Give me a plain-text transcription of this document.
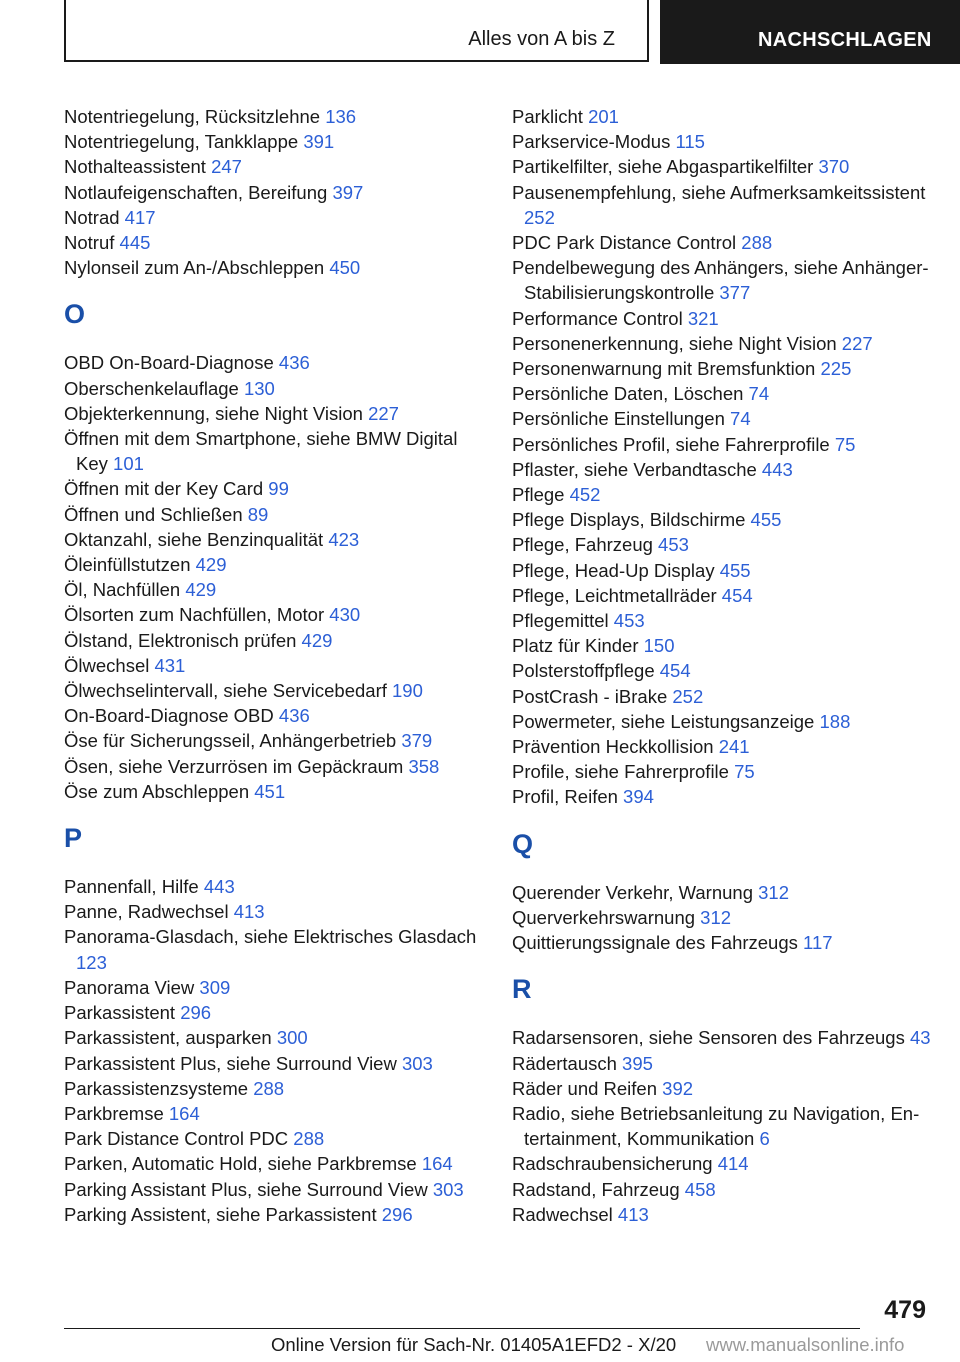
Alles von A bis Z	NACHSCHLAGEN
Notentriegelung, Rücksitzlehne 136
Notentriegelung, Tankklappe 391
Nothalteassistent 247
Notlaufeigenschaften, Bereifung 397
Notrad 417
Notruf 445
Nylonseil zum An-/Abschleppen 450
O
OBD On-Board-Diagnose 436
Oberschenkelauflage 130
Objekterkennung, siehe Night Vision 227
Öffnen mit dem Smartphone, siehe BMW Digital Key 101
Öffnen mit der Key Card 99
Öffnen und Schließen 89
Oktanzahl, siehe Benzinqualität 423
Öleinfüllstutzen 429
Öl, Nachfüllen 429
Ölsorten zum Nachfüllen, Motor 430
Ölstand, Elektronisch prüfen 429
Ölwechsel 431
Ölwechselintervall, siehe Servicebedarf 190
On-Board-Diagnose OBD 436
Öse für Sicherungsseil, Anhängerbetrieb 379
Ösen, siehe Verzurrösen im Gepäckraum 358
Öse zum Abschleppen 451
P
Pannenfall, Hilfe 443
Panne, Radwechsel 413
Panorama-Glasdach, siehe Elektrisches Glasdach 123
Panorama View 309
Parkassistent 296
Parkassistent, ausparken 300
Parkassistent Plus, siehe Surround View 303
Parkassistenzsysteme 288
Parkbremse 164
Park Distance Control PDC 288
Parken, Automatic Hold, siehe Parkbremse 164
Parking Assistant Plus, siehe Surround View 303
Parking Assistent, siehe Parkassistent 296
Parklicht 201
Parkservice-Modus 115
Partikelfilter, siehe Abgaspartikelfilter 370
Pausenempfehlung, siehe Aufmerksamkeitssistent 252
PDC Park Distance Control 288
Pendelbewegung des Anhängers, siehe Anhänger-Stabilisierungskontrolle 377
Performance Control 321
Personenerkennung, siehe Night Vision 227
Personenwarnung mit Bremsfunktion 225
Persönliche Daten, Löschen 74
Persönliche Einstellungen 74
Persönliches Profil, siehe Fahrerprofile 75
Pflaster, siehe Verbandtasche 443
Pflege 452
Pflege Displays, Bildschirme 455
Pflege, Fahrzeug 453
Pflege, Head-Up Display 455
Pflege, Leichtmetallräder 454
Pflegemittel 453
Platz für Kinder 150
Polsterstoffpflege 454
PostCrash - iBrake 252
Powermeter, siehe Leistungsanzeige 188
Prävention Heckkollision 241
Profile, siehe Fahrerprofile 75
Profil, Reifen 394
Q
Querender Verkehr, Warnung 312
Querverkehrswarnung 312
Quittierungssignale des Fahrzeugs 117
R
Radarsensoren, siehe Sensoren des Fahrzeugs 43
Rädertausch 395
Räder und Reifen 392
Radio, siehe Betriebsanleitung zu Navigation, Entertainment, Kommunikation 6
Radschraubensicherung 414
Radstand, Fahrzeug 458
Radwechsel 413
479
Online Version für Sach-Nr. 01405A1EFD2 - X/20 www.manualsonline.info
